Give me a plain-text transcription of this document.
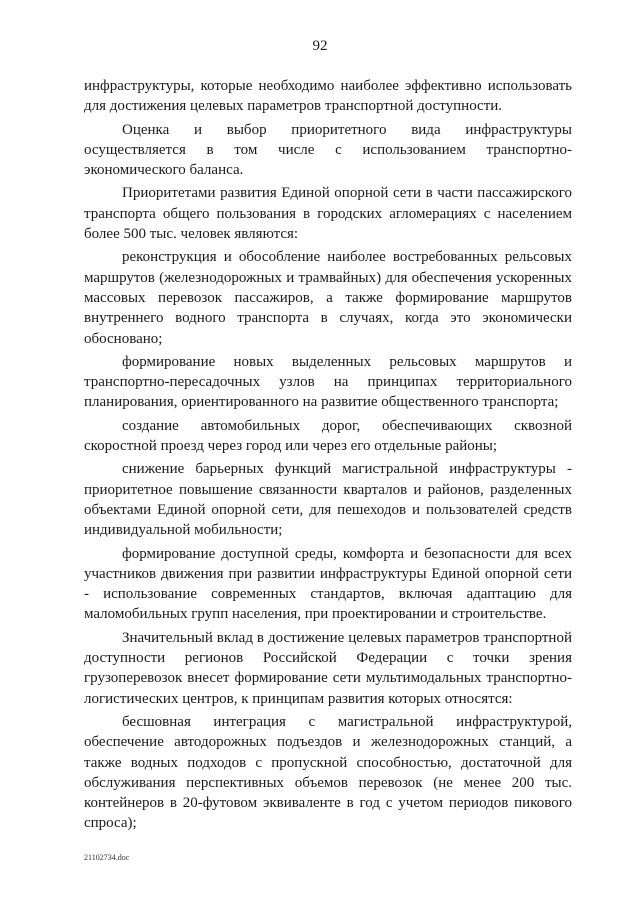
92

инфраструктуры, которые необходимо наиболее эффективно использовать для достижения целевых параметров транспортной доступности.

Оценка и выбор приоритетного вида инфраструктуры осуществляется в том числе с использованием транспортно-экономического баланса.

Приоритетами развития Единой опорной сети в части пассажирского транспорта общего пользования в городских агломерациях с населением более 500 тыс. человек являются:

реконструкция и обособление наиболее востребованных рельсовых маршрутов (железнодорожных и трамвайных) для обеспечения ускоренных массовых перевозок пассажиров, а также формирование маршрутов внутреннего водного транспорта в случаях, когда это экономически обосновано;

формирование новых выделенных рельсовых маршрутов и транспортно-пересадочных узлов на принципах территориального планирования, ориентированного на развитие общественного транспорта;

создание автомобильных дорог, обеспечивающих сквозной скоростной проезд через город или через его отдельные районы;

снижение барьерных функций магистральной инфраструктуры - приоритетное повышение связанности кварталов и районов, разделенных объектами Единой опорной сети, для пешеходов и пользователей средств индивидуальной мобильности;

формирование доступной среды, комфорта и безопасности для всех участников движения при развитии инфраструктуры Единой опорной сети - использование современных стандартов, включая адаптацию для маломобильных групп населения, при проектировании и строительстве.

Значительный вклад в достижение целевых параметров транспортной доступности регионов Российской Федерации с точки зрения грузоперевозок внесет формирование сети мультимодальных транспортно-логистических центров, к принципам развития которых относятся:

бесшовная интеграция с магистральной инфраструктурой, обеспечение автодорожных подъездов и железнодорожных станций, а также водных подходов с пропускной способностью, достаточной для обслуживания перспективных объемов перевозок (не менее 200 тыс. контейнеров в 20-футовом эквиваленте в год с учетом периодов пикового спроса);

21102734.doc
